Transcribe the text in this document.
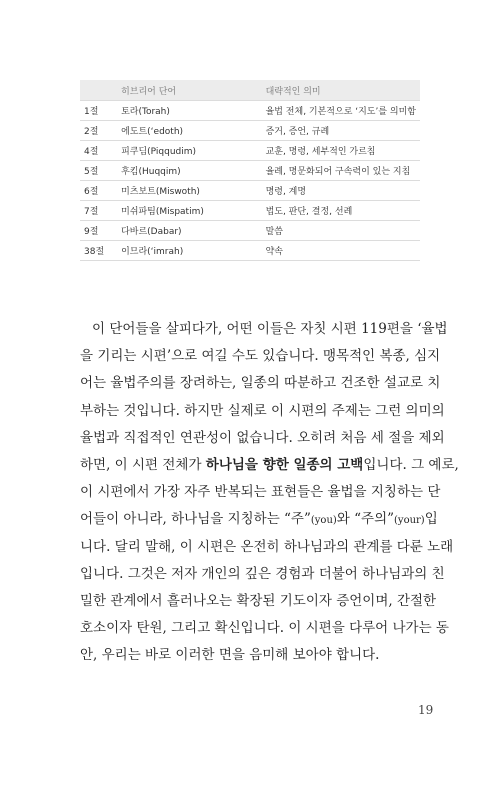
	히브리어 단어	대략적인 의미
1절	토라(Torah)	율법 전체, 기본적으로 ‘지도’를 의미함
2절	에도트(‘edoth)	증거, 증언, 규례
4절	피쿠딤(Piqqudim)	교훈, 명령, 세부적인 가르침
5절	후킴(Huqqim)	율례, 명문화되어 구속력이 있는 지침
6절	미츠보트(Miswoth)	명령, 계명
7절	미쉬파팀(Mispatim)	법도, 판단, 결정, 선례
9절	다바르(Dabar)	말씀
38절	이므라(‘imrah)	약속
이 단어들을 살피다가, 어떤 이들은 자칫 시편 119편을 ‘율법
을 기리는 시편’으로 여길 수도 있습니다. 맹목적인 복종, 심지
어는 율법주의를 장려하는, 일종의 따분하고 건조한 설교로 치
부하는 것입니다. 하지만 실제로 이 시편의 주제는 그런 의미의
율법과 직접적인 연관성이 없습니다. 오히려 처음 세 절을 제외
하면, 이 시편 전체가 하나님을 향한 일종의 고백입니다. 그 예로,
이 시편에서 가장 자주 반복되는 표현들은 율법을 지칭하는 단
어들이 아니라, 하나님을 지칭하는 “주”(you)와 “주의”(your)입
니다. 달리 말해, 이 시편은 온전히 하나님과의 관계를 다룬 노래
입니다. 그것은 저자 개인의 깊은 경험과 더불어 하나님과의 친
밀한 관계에서 흘러나오는 확장된 기도이자 증언이며, 간절한
호소이자 탄원, 그리고 확신입니다. 이 시편을 다루어 나가는 동
안, 우리는 바로 이러한 면을 음미해 보아야 합니다.
19
